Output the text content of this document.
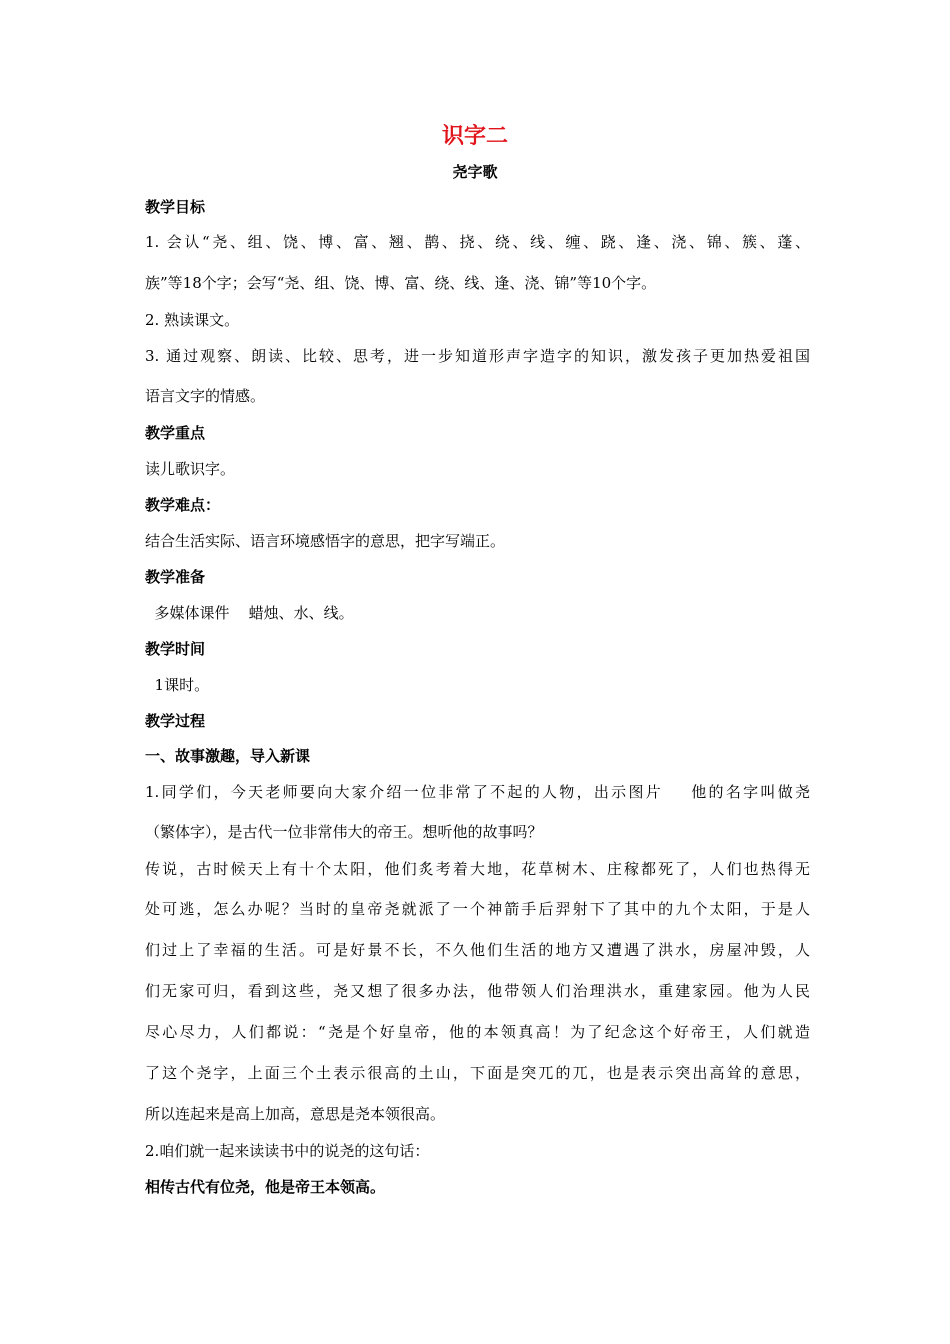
识字二
尧字歌
教学目标
1. 会认“尧、组、饶、博、富、翘、鹊、挠、绕、线、缠、跷、逢、浇、锦、簇、蓬、
族”等18个字；会写“尧、组、饶、博、富、绕、线、逢、浇、锦”等10个字。
2. 熟读课文。
3. 通过观察、朗读、比较、思考，进一步知道形声字造字的知识，激发孩子更加热爱祖国
语言文字的情感。
教学重点
读儿歌识字。
教学难点：
结合生活实际、语言环境感悟字的意思，把字写端正。
教学准备
多媒体课件    蜡烛、水、线。
教学时间
1课时。
教学过程
一、故事激趣，导入新课
1.同学们，今天老师要向大家介绍一位非常了不起的人物，出示图片    他的名字叫做尧
（繁体字），是古代一位非常伟大的帝王。想听他的故事吗？
传说，古时候天上有十个太阳，他们炙考着大地，花草树木、庄稼都死了，人们也热得无
处可逃，怎么办呢？当时的皇帝尧就派了一个神箭手后羿射下了其中的九个太阳，于是人
们过上了幸福的生活。可是好景不长，不久他们生活的地方又遭遇了洪水，房屋冲毁，人
们无家可归，看到这些，尧又想了很多办法，他带领人们治理洪水，重建家园。他为人民
尽心尽力，人们都说：“尧是个好皇帝，他的本领真高！为了纪念这个好帝王，人们就造
了这个尧字，上面三个土表示很高的土山，下面是突兀的兀，也是表示突出高耸的意思，
所以连起来是高上加高，意思是尧本领很高。
2.咱们就一起来读读书中的说尧的这句话：
相传古代有位尧，他是帝王本领高。
